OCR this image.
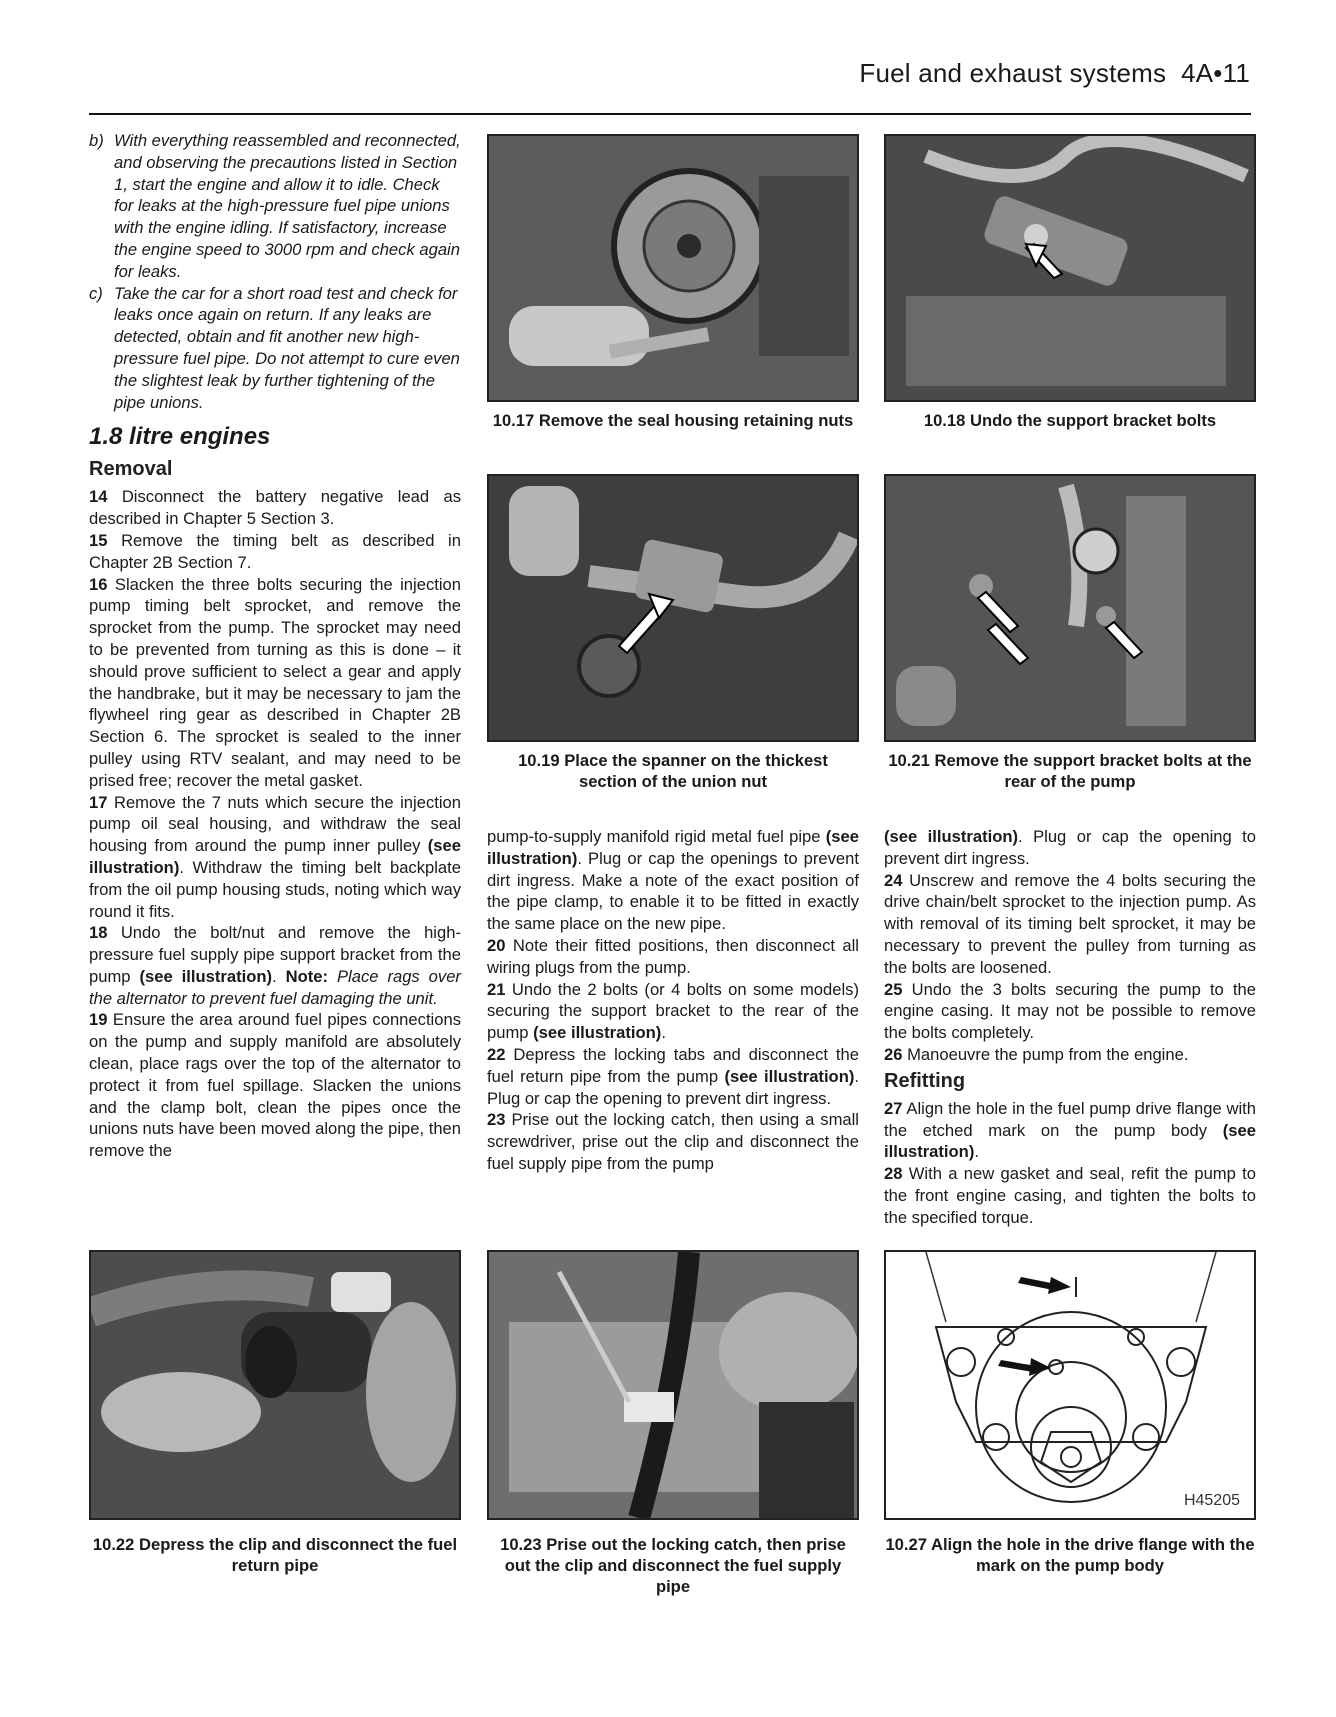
Fuel and exhaust systems 4A•11
b) With everything reassembled and reconnected, and observing the precautions listed in Section 1, start the engine and allow it to idle. Check for leaks at the high-pressure fuel pipe unions with the engine idling. If satisfactory, increase the engine speed to 3000 rpm and check again for leaks.
c) Take the car for a short road test and check for leaks once again on return. If any leaks are detected, obtain and fit another new high-pressure fuel pipe. Do not attempt to cure even the slightest leak by further tightening of the pipe unions.
1.8 litre engines
Removal

14 Disconnect the battery negative lead as described in Chapter 5 Section 3.

15 Remove the timing belt as described in Chapter 2B Section 7.

16 Slacken the three bolts securing the injection pump timing belt sprocket, and remove the sprocket from the pump. The sprocket may need to be prevented from turning as this is done – it should prove sufficient to select a gear and apply the handbrake, but it may be necessary to jam the flywheel ring gear as described in Chapter 2B Section 6. The sprocket is sealed to the inner pulley using RTV sealant, and may need to be prised free; recover the metal gasket.

17 Remove the 7 nuts which secure the injection pump oil seal housing, and withdraw the seal housing from around the pump inner pulley (see illustration). Withdraw the timing belt backplate from the oil pump housing studs, noting which way round it fits.

18 Undo the bolt/nut and remove the high-pressure fuel supply pipe support bracket from the pump (see illustration). Note: Place rags over the alternator to prevent fuel damaging the unit.

19 Ensure the area around fuel pipes connections on the pump and supply manifold are absolutely clean, place rags over the top of the alternator to protect it from fuel spillage. Slacken the unions and the clamp bolt, clean the pipes once the unions nuts have been moved along the pipe, then remove the

10.17 Remove the seal housing retaining nuts	10.18 Undo the support bracket bolts
10.19 Place the spanner on the thickest section of the union nut
10.21 Remove the support bracket bolts at the rear of the pump

pump-to-supply manifold rigid metal fuel pipe (see illustration). Plug or cap the openings to prevent dirt ingress. Make a note of the exact position of the pipe clamp, to enable it to be fitted in exactly the same place on the new pipe.

20 Note their fitted positions, then disconnect all wiring plugs from the pump.

21 Undo the 2 bolts (or 4 bolts on some models) securing the support bracket to the rear of the pump (see illustration).

22 Depress the locking tabs and disconnect the fuel return pipe from the pump (see illustration). Plug or cap the opening to prevent dirt ingress.

23 Prise out the locking catch, then using a small screwdriver, prise out the clip and disconnect the fuel supply pipe from the pump

(see illustration). Plug or cap the opening to prevent dirt ingress.

24 Unscrew and remove the 4 bolts securing the drive chain/belt sprocket to the injection pump. As with removal of its timing belt sprocket, it may be necessary to prevent the pulley from turning as the bolts are loosened.

25 Undo the 3 bolts securing the pump to the engine casing. It may not be possible to remove the bolts completely.

26 Manoeuvre the pump from the engine.

Refitting

27 Align the hole in the fuel pump drive flange with the etched mark on the pump body (see illustration).

28 With a new gasket and seal, refit the pump to the front engine casing, and tighten the bolts to the specified torque.

10.22 Depress the clip and disconnect the fuel return pipe
10.23 Prise out the locking catch, then prise out the clip and disconnect the fuel supply pipe
H45205
10.27 Align the hole in the drive flange with the mark on the pump body
